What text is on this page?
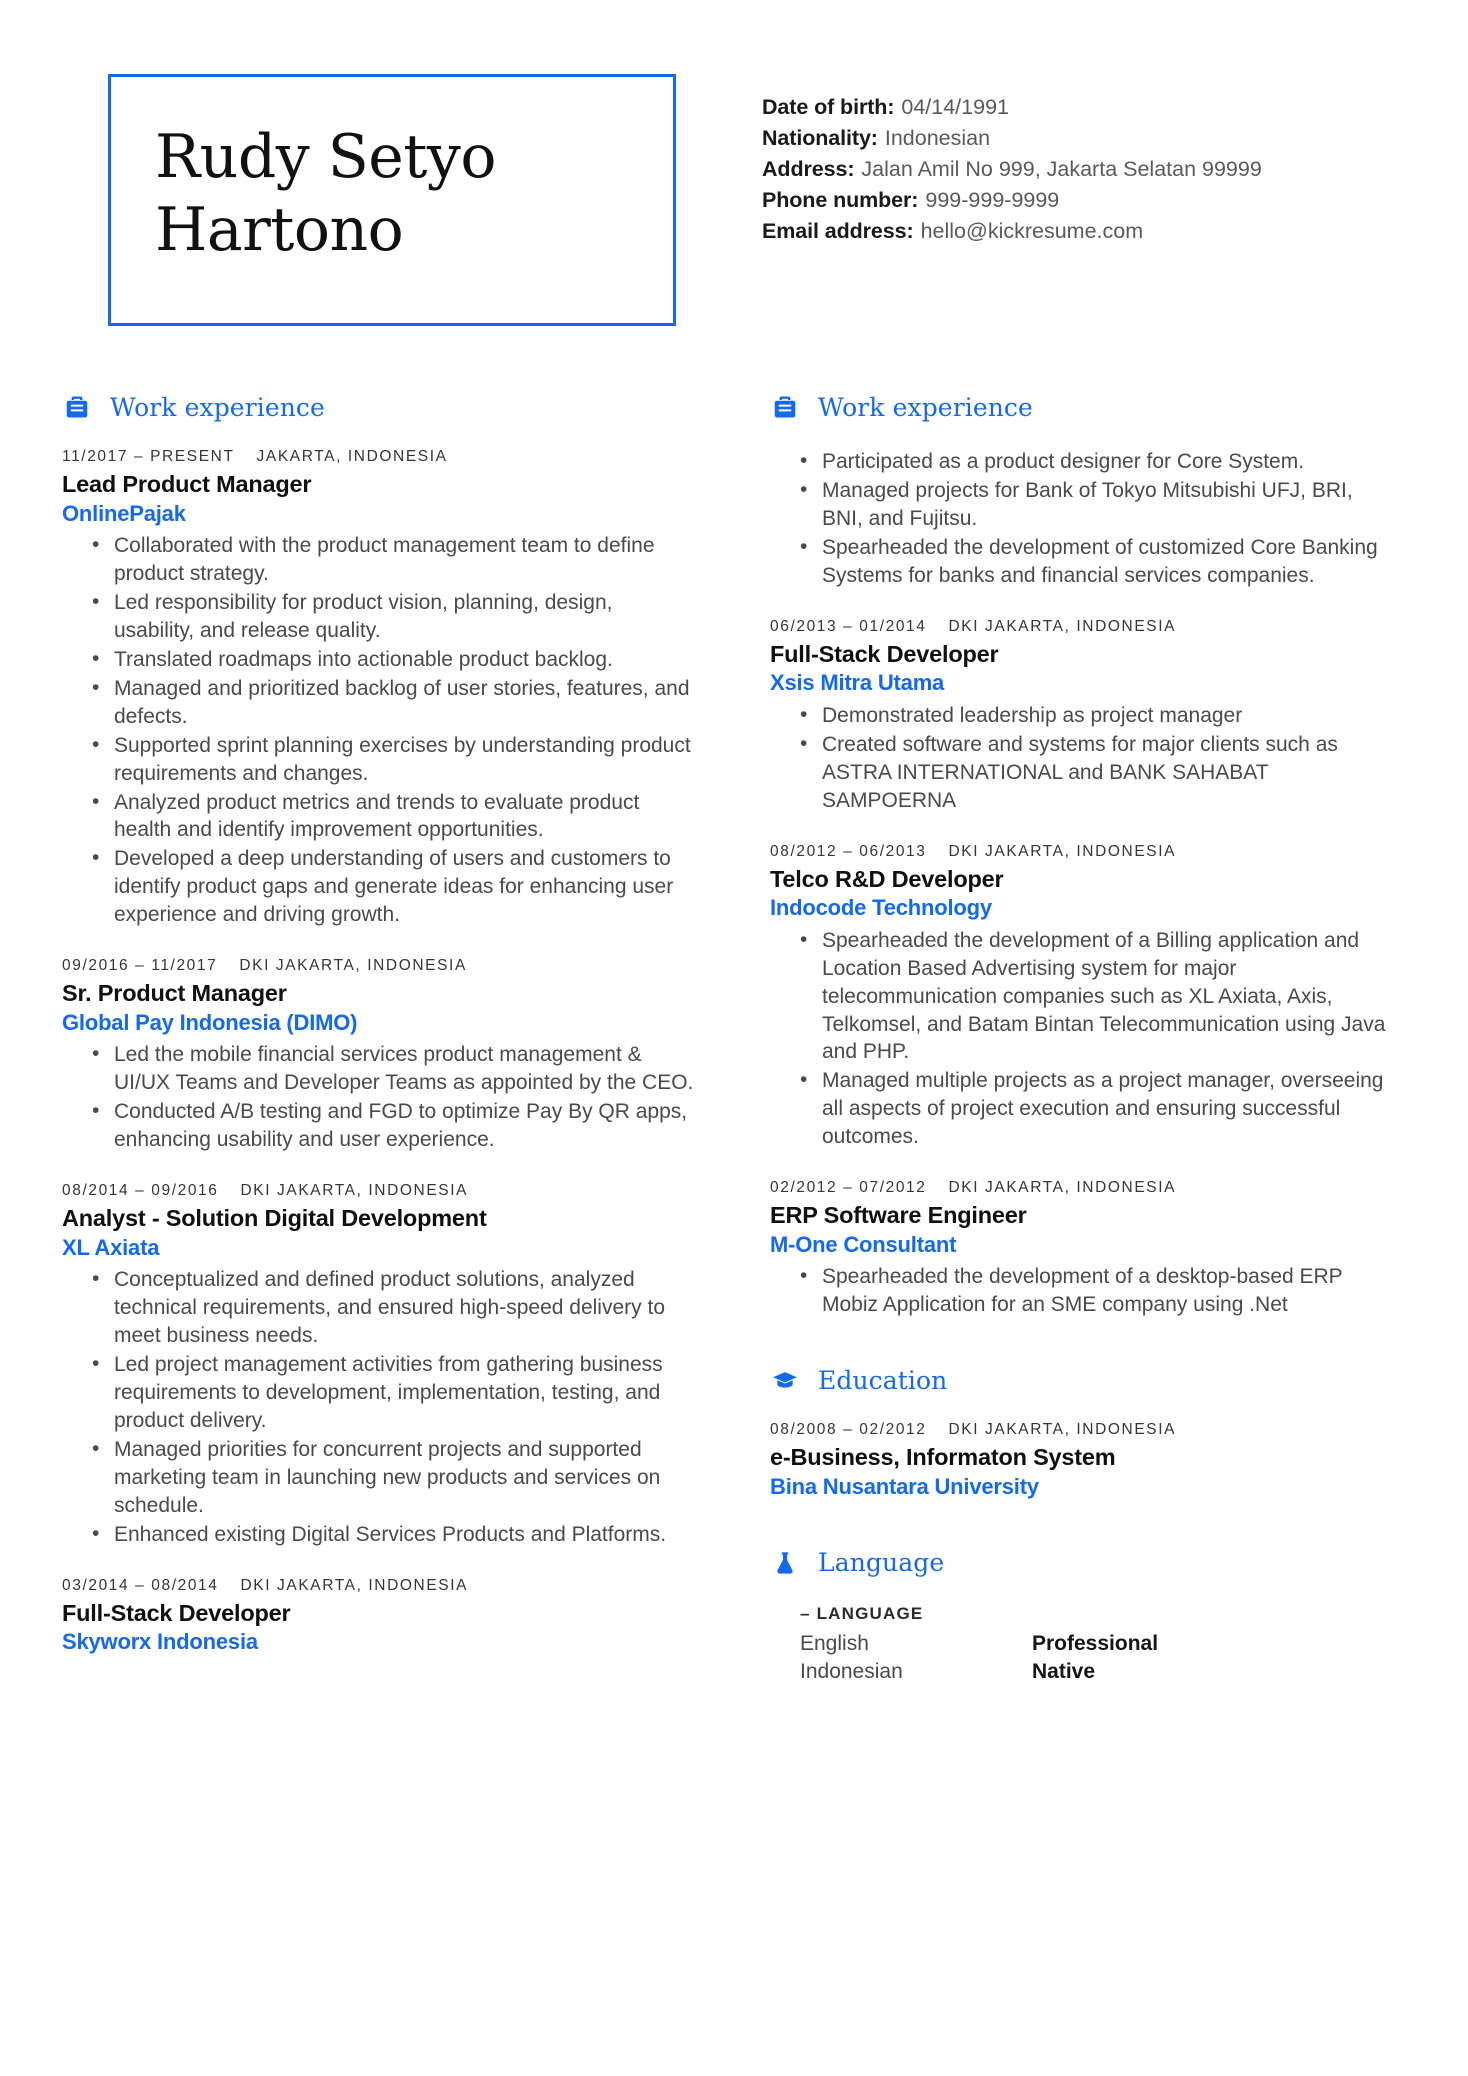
Rudy Setyo Hartono
Date of birth: 04/14/1991
Nationality: Indonesian
Address: Jalan Amil No 999, Jakarta Selatan 99999
Phone number: 999-999-9999
Email address: hello@kickresume.com
Work experience
11/2017 – PRESENT JAKARTA, INDONESIA
Lead Product Manager
OnlinePajak
• Collaborated with the product management team to define product strategy.
• Led responsibility for product vision, planning, design, usability, and release quality.
• Translated roadmaps into actionable product backlog.
• Managed and prioritized backlog of user stories, features, and defects.
• Supported sprint planning exercises by understanding product requirements and changes.
• Analyzed product metrics and trends to evaluate product health and identify improvement opportunities.
• Developed a deep understanding of users and customers to identify product gaps and generate ideas for enhancing user experience and driving growth.
09/2016 – 11/2017 DKI JAKARTA, INDONESIA
Sr. Product Manager
Global Pay Indonesia (DIMO)
• Led the mobile financial services product management & UI/UX Teams and Developer Teams as appointed by the CEO.
• Conducted A/B testing and FGD to optimize Pay By QR apps, enhancing usability and user experience.
08/2014 – 09/2016 DKI JAKARTA, INDONESIA
Analyst - Solution Digital Development
XL Axiata
• Conceptualized and defined product solutions, analyzed technical requirements, and ensured high-speed delivery to meet business needs.
• Led project management activities from gathering business requirements to development, implementation, testing, and product delivery.
• Managed priorities for concurrent projects and supported marketing team in launching new products and services on schedule.
• Enhanced existing Digital Services Products and Platforms.
03/2014 – 08/2014 DKI JAKARTA, INDONESIA
Full-Stack Developer
Skyworx Indonesia
Work experience
• Participated as a product designer for Core System.
• Managed projects for Bank of Tokyo Mitsubishi UFJ, BRI, BNI, and Fujitsu.
• Spearheaded the development of customized Core Banking Systems for banks and financial services companies.
06/2013 – 01/2014 DKI JAKARTA, INDONESIA
Full-Stack Developer
Xsis Mitra Utama
• Demonstrated leadership as project manager
• Created software and systems for major clients such as ASTRA INTERNATIONAL and BANK SAHABAT SAMPOERNA
08/2012 – 06/2013 DKI JAKARTA, INDONESIA
Telco R&D Developer
Indocode Technology
• Spearheaded the development of a Billing application and Location Based Advertising system for major telecommunication companies such as XL Axiata, Axis, Telkomsel, and Batam Bintan Telecommunication using Java and PHP.
• Managed multiple projects as a project manager, overseeing all aspects of project execution and ensuring successful outcomes.
02/2012 – 07/2012 DKI JAKARTA, INDONESIA
ERP Software Engineer
M-One Consultant
• Spearheaded the development of a desktop-based ERP Mobiz Application for an SME company using .Net
Education
08/2008 – 02/2012 DKI JAKARTA, INDONESIA
e-Business, Informaton System
Bina Nusantara University
Language
– LANGUAGE
English	Professional
Indonesian	Native
